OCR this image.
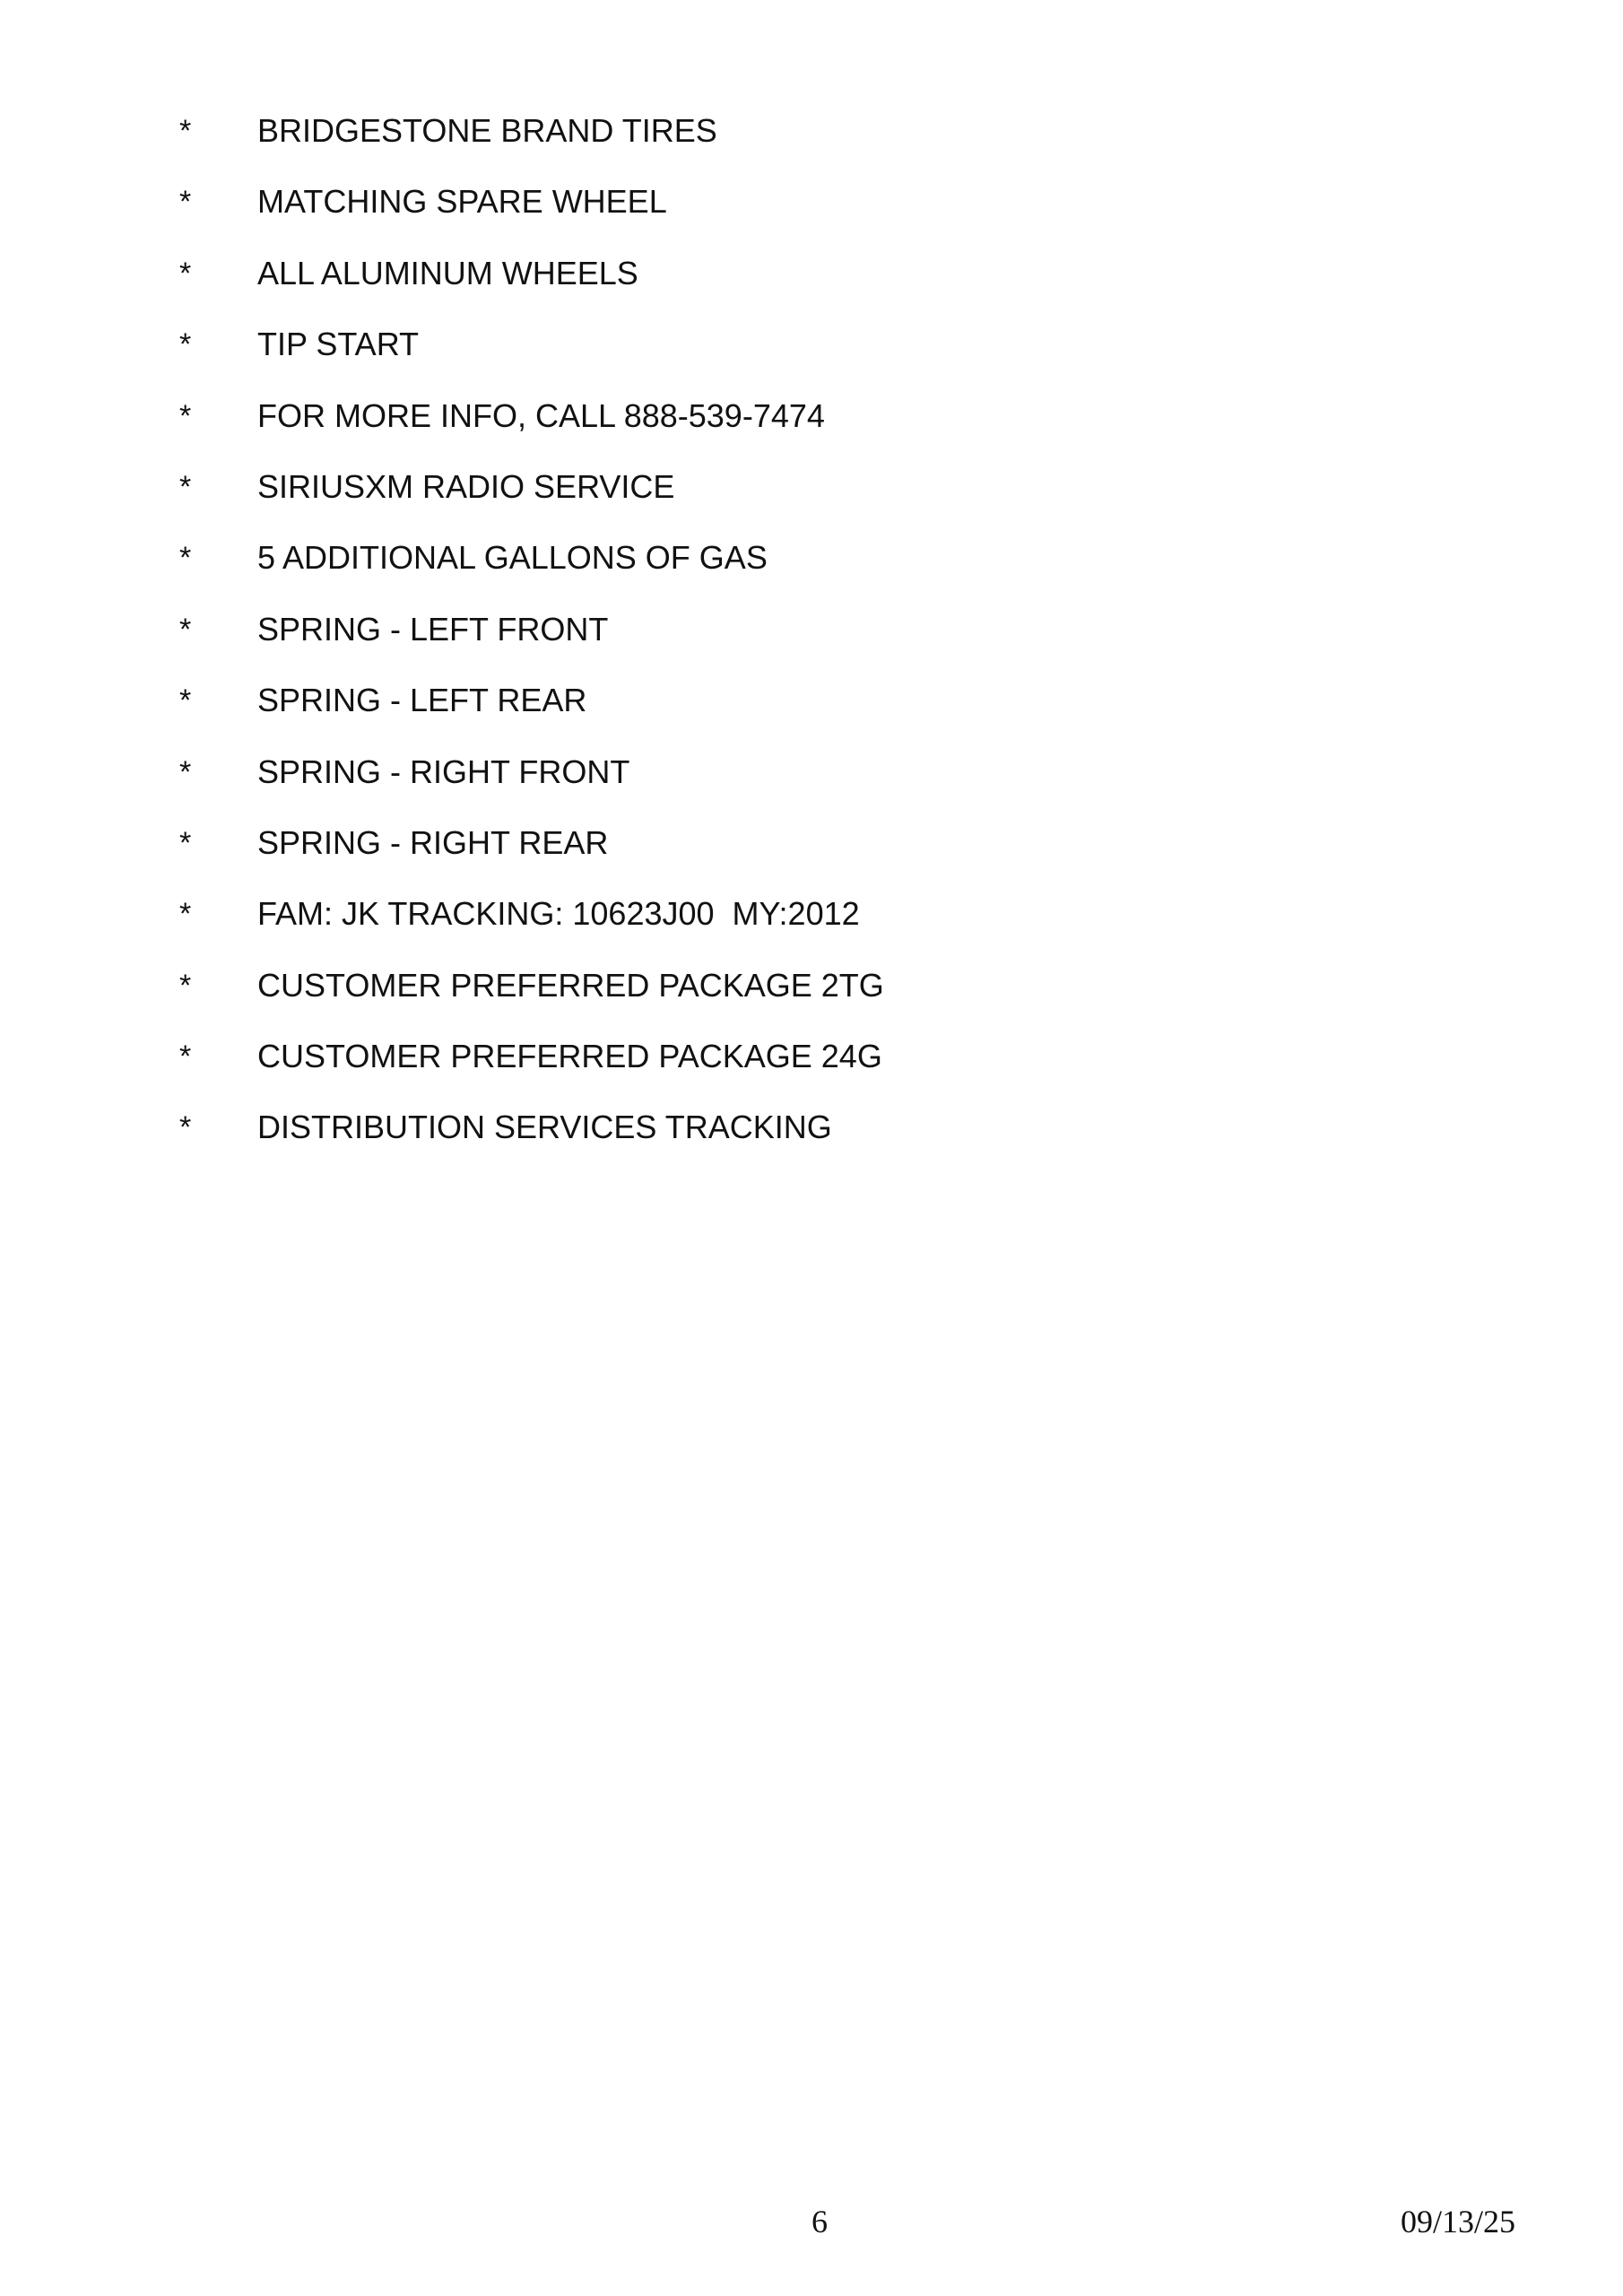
* BRIDGESTONE BRAND TIRES
* MATCHING SPARE WHEEL
* ALL ALUMINUM WHEELS
* TIP START
* FOR MORE INFO, CALL 888-539-7474
* SIRIUSXM RADIO SERVICE
* 5 ADDITIONAL GALLONS OF GAS
* SPRING - LEFT FRONT
* SPRING - LEFT REAR
* SPRING - RIGHT FRONT
* SPRING - RIGHT REAR
* FAM: JK TRACKING: 10623J00  MY:2012
* CUSTOMER PREFERRED PACKAGE 2TG
* CUSTOMER PREFERRED PACKAGE 24G
* DISTRIBUTION SERVICES TRACKING
6	09/13/25
